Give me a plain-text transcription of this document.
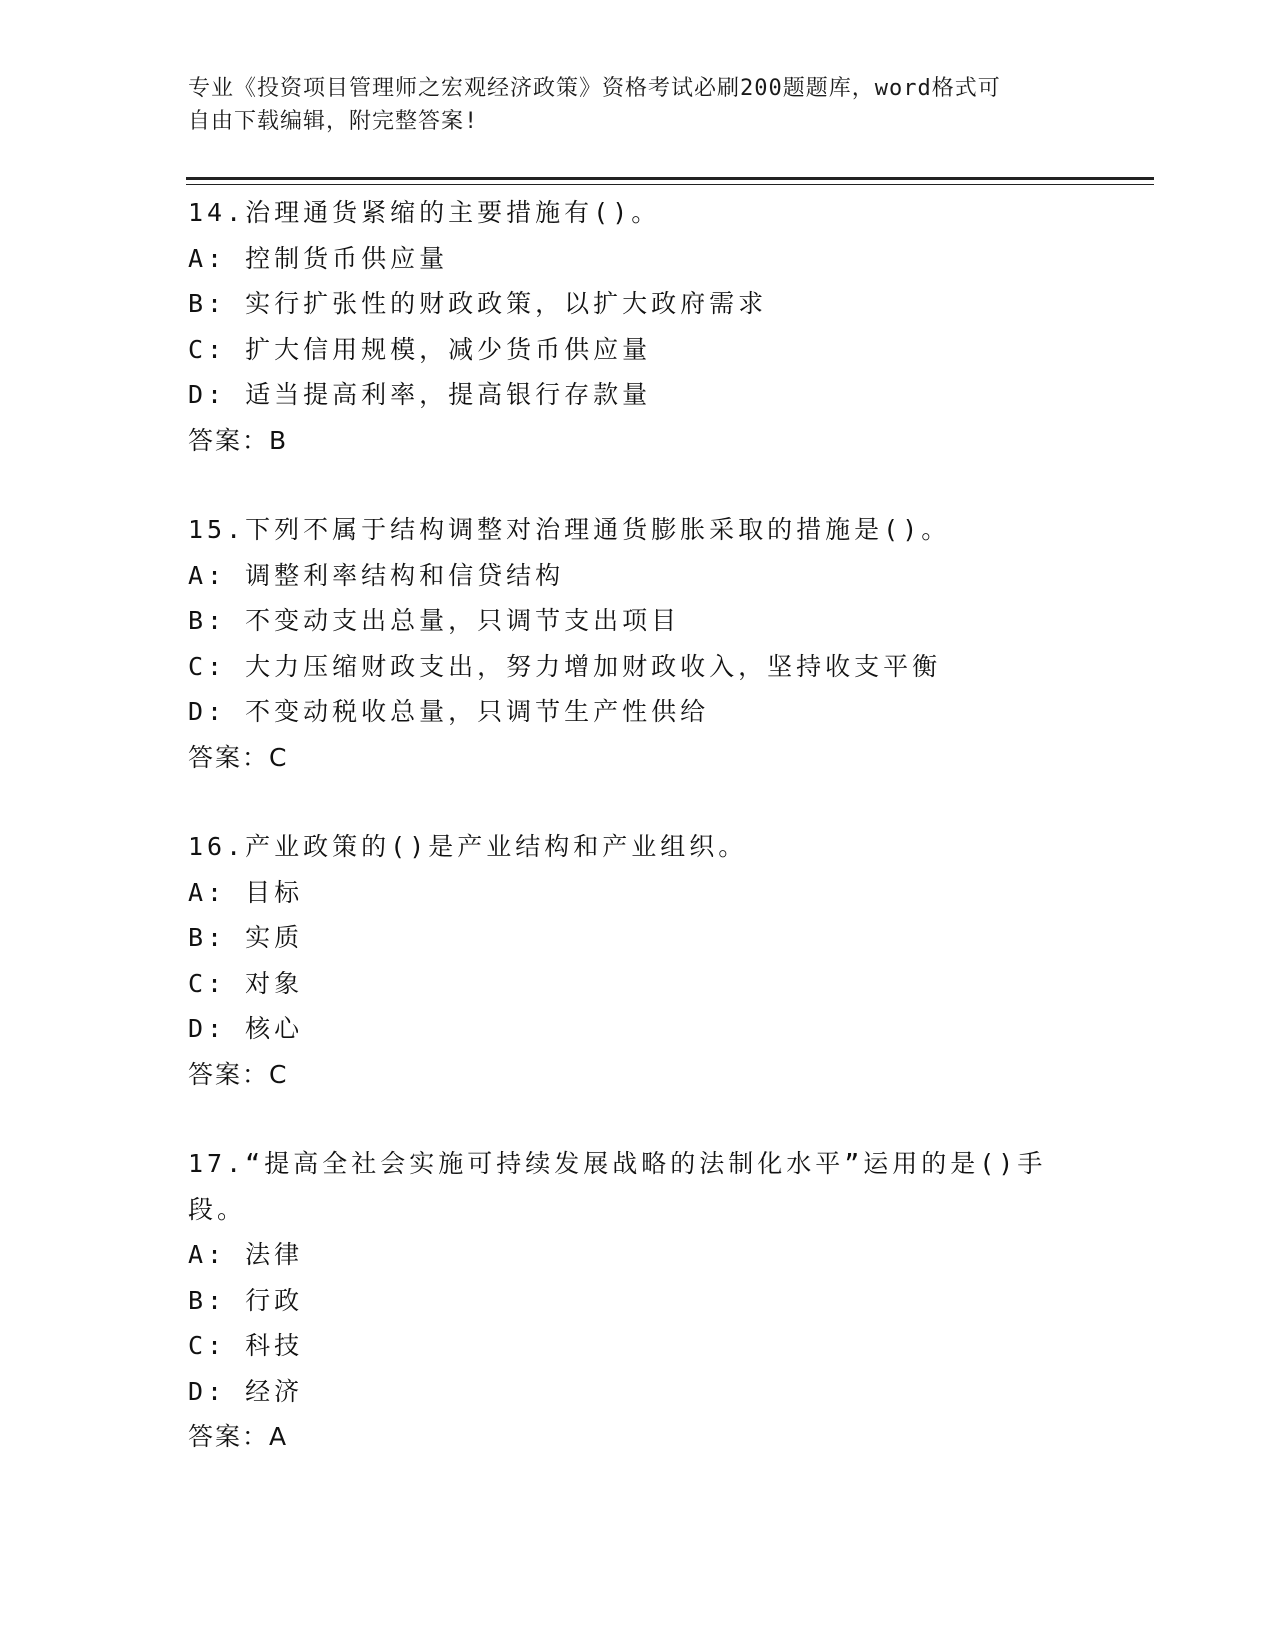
专业《投资项目管理师之宏观经济政策》资格考试必刷200题题库，word格式可
自由下载编辑，附完整答案!
14.治理通货紧缩的主要措施有()。
A: 控制货币供应量
B: 实行扩张性的财政政策，以扩大政府需求
C: 扩大信用规模，减少货币供应量
D: 适当提高利率，提高银行存款量
答案：B
15.下列不属于结构调整对治理通货膨胀采取的措施是()。
A: 调整利率结构和信贷结构
B: 不变动支出总量，只调节支出项目
C: 大力压缩财政支出，努力增加财政收入，坚持收支平衡
D: 不变动税收总量，只调节生产性供给
答案：C
16.产业政策的()是产业结构和产业组织。
A: 目标
B: 实质
C: 对象
D: 核心
答案：C
17.“提高全社会实施可持续发展战略的法制化水平”运用的是()手段。
A: 法律
B: 行政
C: 科技
D: 经济
答案：A
